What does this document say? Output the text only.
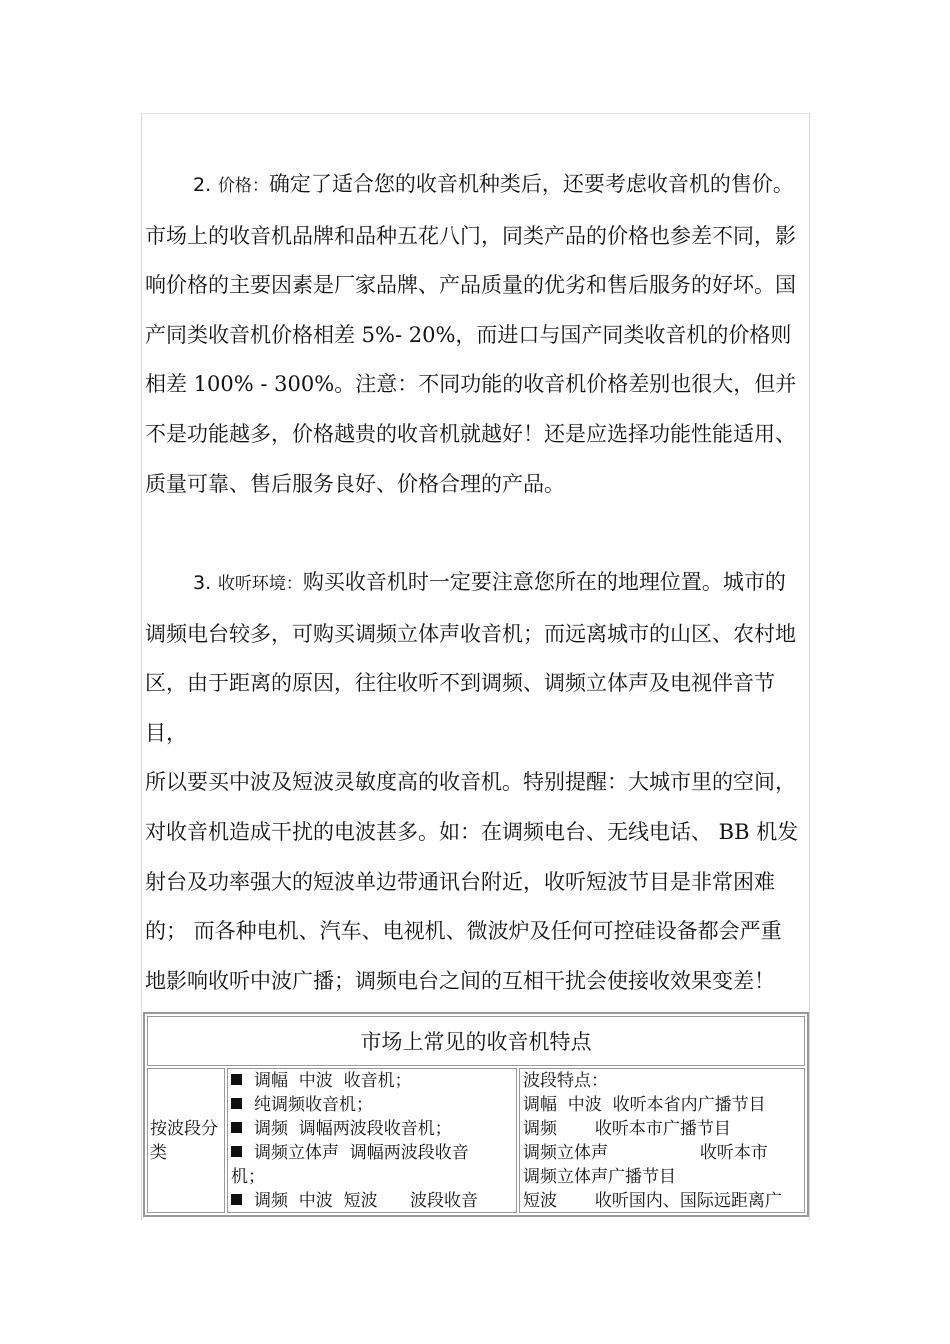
2. 价格：确定了适合您的收音机种类后，还要考虑收音机的售价。
市场上的收音机品牌和品种五花八门，同类产品的价格也参差不同，影
响价格的主要因素是厂家品牌、产品质量的优劣和售后服务的好坏。国
产同类收音机价格相差 5%- 20%，而进口与国产同类收音机的价格则
相差 100% - 300%。注意：不同功能的收音机价格差别也很大，但并
不是功能越多，价格越贵的收音机就越好！还是应选择功能性能适用、
质量可靠、售后服务良好、价格合理的产品。

3. 收听环境：购买收音机时一定要注意您所在的地理位置。城市的
调频电台较多，可购买调频立体声收音机；而远离城市的山区、农村地
区，由于距离的原因，往往收听不到调频、调频立体声及电视伴音节目，
所以要买中波及短波灵敏度高的收音机。特别提醒：大城市里的空间，
对收音机造成干扰的电波甚多。如：在调频电台、无线电话、 BB 机发
射台及功率强大的短波单边带通讯台附近，收听短波节目是非常困难
的； 而各种电机、汽车、电视机、微波炉及任何可控硅设备都会严重
地影响收听中波广播；调频电台之间的互相干扰会使接收效果变差！

市场上常见的收音机特点
按波段分类
调幅  中波  收音机；
纯调频收音机；
调频  调幅两波段收音机；
调频立体声  调幅两波段收音
机；
调频  中波  短波      波段收音
波段特点：
调幅  中波  收听本省内广播节目
调频       收听本市广播节目
调频立体声                 收听本市
调频立体声广播节目
短波       收听国内、国际远距离广
